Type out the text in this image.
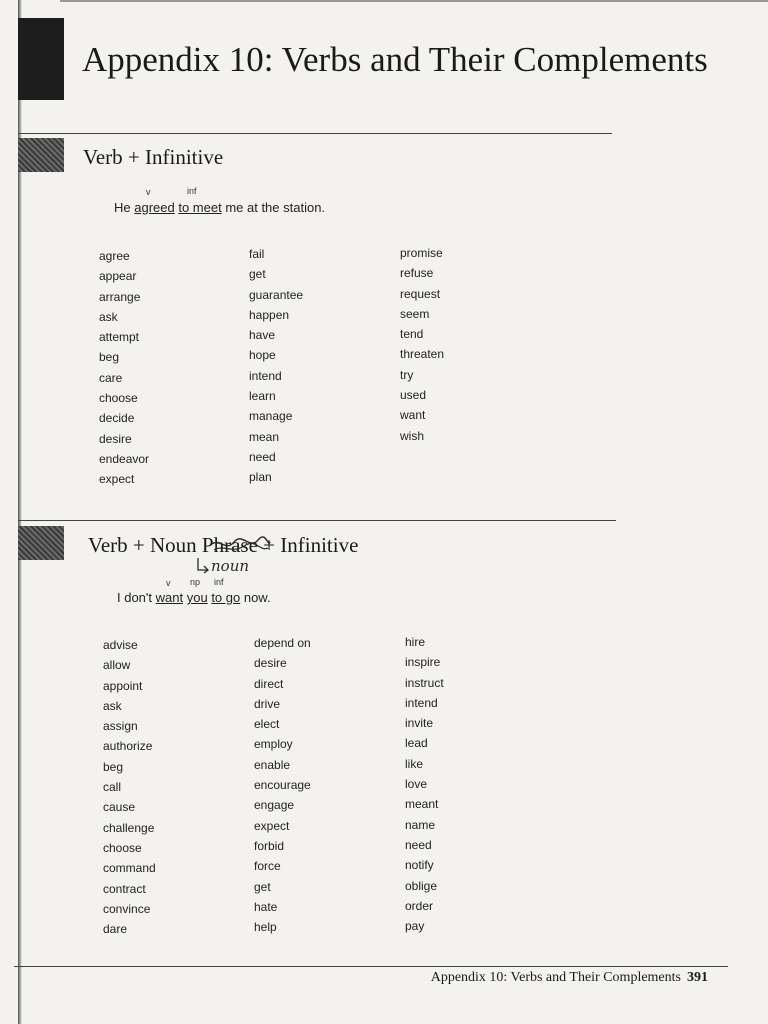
Appendix 10: Verbs and Their Complements
Verb + Infinitive
v	inf
He agreed to meet me at the station.
agree
appear
arrange
ask
attempt
beg
care
choose
decide
desire
endeavor
expect
fail
get
guarantee
happen
have
hope
intend
learn
manage
mean
need
plan
promise
refuse
request
seem
tend
threaten
try
used
want
wish
Verb + Noun Phrase + Infinitive
noun
v np inf
I don't want you to go now.
advise
allow
appoint
ask
assign
authorize
beg
call
cause
challenge
choose
command
contract
convince
dare
depend on
desire
direct
drive
elect
employ
enable
encourage
engage
expect
forbid
force
get
hate
help
hire
inspire
instruct
intend
invite
lead
like
love
meant
name
need
notify
oblige
order
pay
Appendix 10: Verbs and Their Complements 391
